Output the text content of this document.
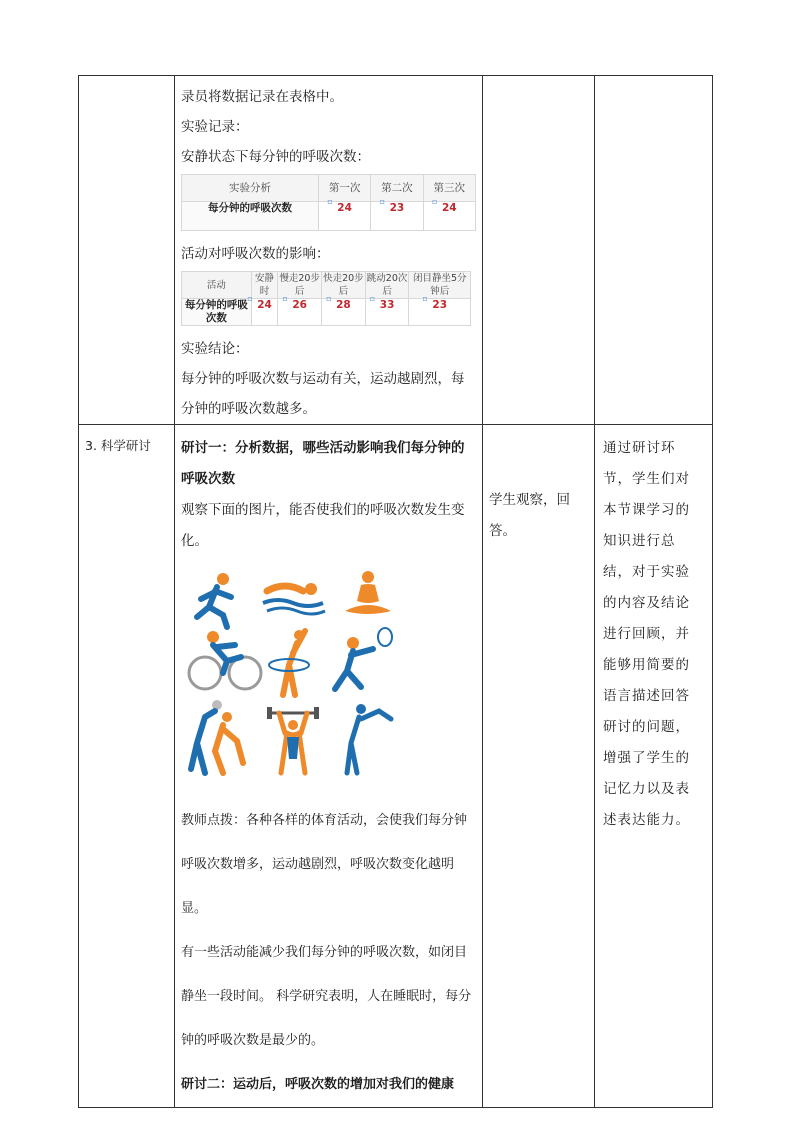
录员将数据记录在表格中。

实验记录：

安静状态下每分钟的呼吸次数：

实验分析	第一次	第二次	第三次
每分钟的呼吸次数	▫24	▫23	▫24

活动对呼吸次数的影响：

活动	安静时	慢走20步后	快走20步后	跳动20次后	闭目静坐5分钟后
每分钟的呼吸次数	▫ 24	▫26	▫28	▫33	▫23

实验结论：

每分钟的呼吸次数与运动有关，运动越剧烈，每分钟的呼吸次数越多。

3. 科学研讨	研讨一：分析数据，哪些活动影响我们每分钟的呼吸次数

观察下面的图片，能否使我们的呼吸次数发生变化。

教师点拨：各种各样的体育活动，会使我们每分钟呼吸次数增多，运动越剧烈，呼吸次数变化越明显。

有一些活动能减少我们每分钟的呼吸次数，如闭目静坐一段时间。 科学研究表明，人在睡眠时，每分钟的呼吸次数是最少的。

研讨二：运动后，呼吸次数的增加对我们的健康

学生观察，回答。

通过研讨环节，学生们对本节课学习的知识进行总结，对于实验的内容及结论进行回顾，并能够用简要的语言描述回答研讨的问题，增强了学生的记忆力以及表述表达能力。
